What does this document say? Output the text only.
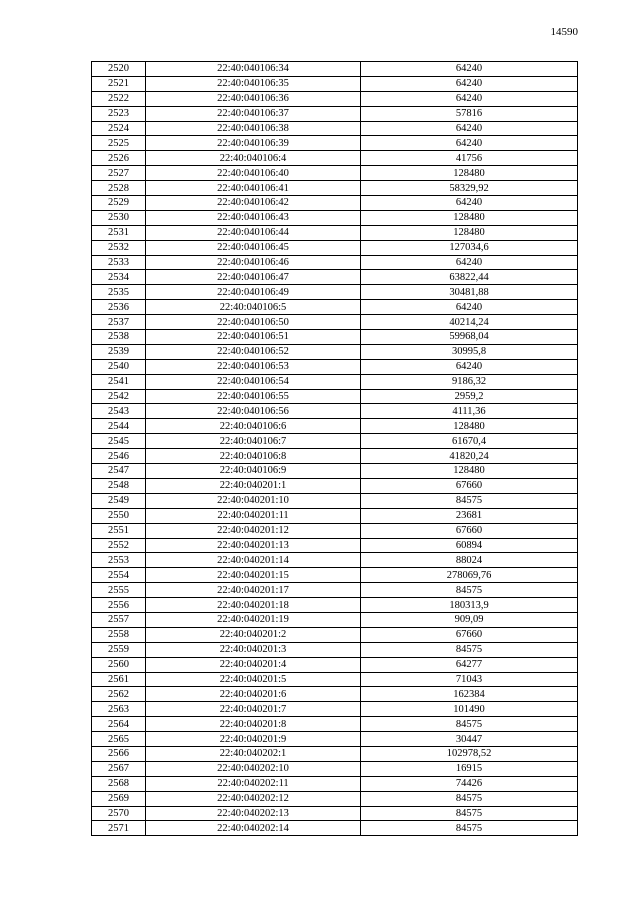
14590
2520	22:40:040106:34	64240
2521	22:40:040106:35	64240
2522	22:40:040106:36	64240
2523	22:40:040106:37	57816
2524	22:40:040106:38	64240
2525	22:40:040106:39	64240
2526	22:40:040106:4	41756
2527	22:40:040106:40	128480
2528	22:40:040106:41	58329,92
2529	22:40:040106:42	64240
2530	22:40:040106:43	128480
2531	22:40:040106:44	128480
2532	22:40:040106:45	127034,6
2533	22:40:040106:46	64240
2534	22:40:040106:47	63822,44
2535	22:40:040106:49	30481,88
2536	22:40:040106:5	64240
2537	22:40:040106:50	40214,24
2538	22:40:040106:51	59968,04
2539	22:40:040106:52	30995,8
2540	22:40:040106:53	64240
2541	22:40:040106:54	9186,32
2542	22:40:040106:55	2959,2
2543	22:40:040106:56	4111,36
2544	22:40:040106:6	128480
2545	22:40:040106:7	61670,4
2546	22:40:040106:8	41820,24
2547	22:40:040106:9	128480
2548	22:40:040201:1	67660
2549	22:40:040201:10	84575
2550	22:40:040201:11	23681
2551	22:40:040201:12	67660
2552	22:40:040201:13	60894
2553	22:40:040201:14	88024
2554	22:40:040201:15	278069,76
2555	22:40:040201:17	84575
2556	22:40:040201:18	180313,9
2557	22:40:040201:19	909,09
2558	22:40:040201:2	67660
2559	22:40:040201:3	84575
2560	22:40:040201:4	64277
2561	22:40:040201:5	71043
2562	22:40:040201:6	162384
2563	22:40:040201:7	101490
2564	22:40:040201:8	84575
2565	22:40:040201:9	30447
2566	22:40:040202:1	102978,52
2567	22:40:040202:10	16915
2568	22:40:040202:11	74426
2569	22:40:040202:12	84575
2570	22:40:040202:13	84575
2571	22:40:040202:14	84575
